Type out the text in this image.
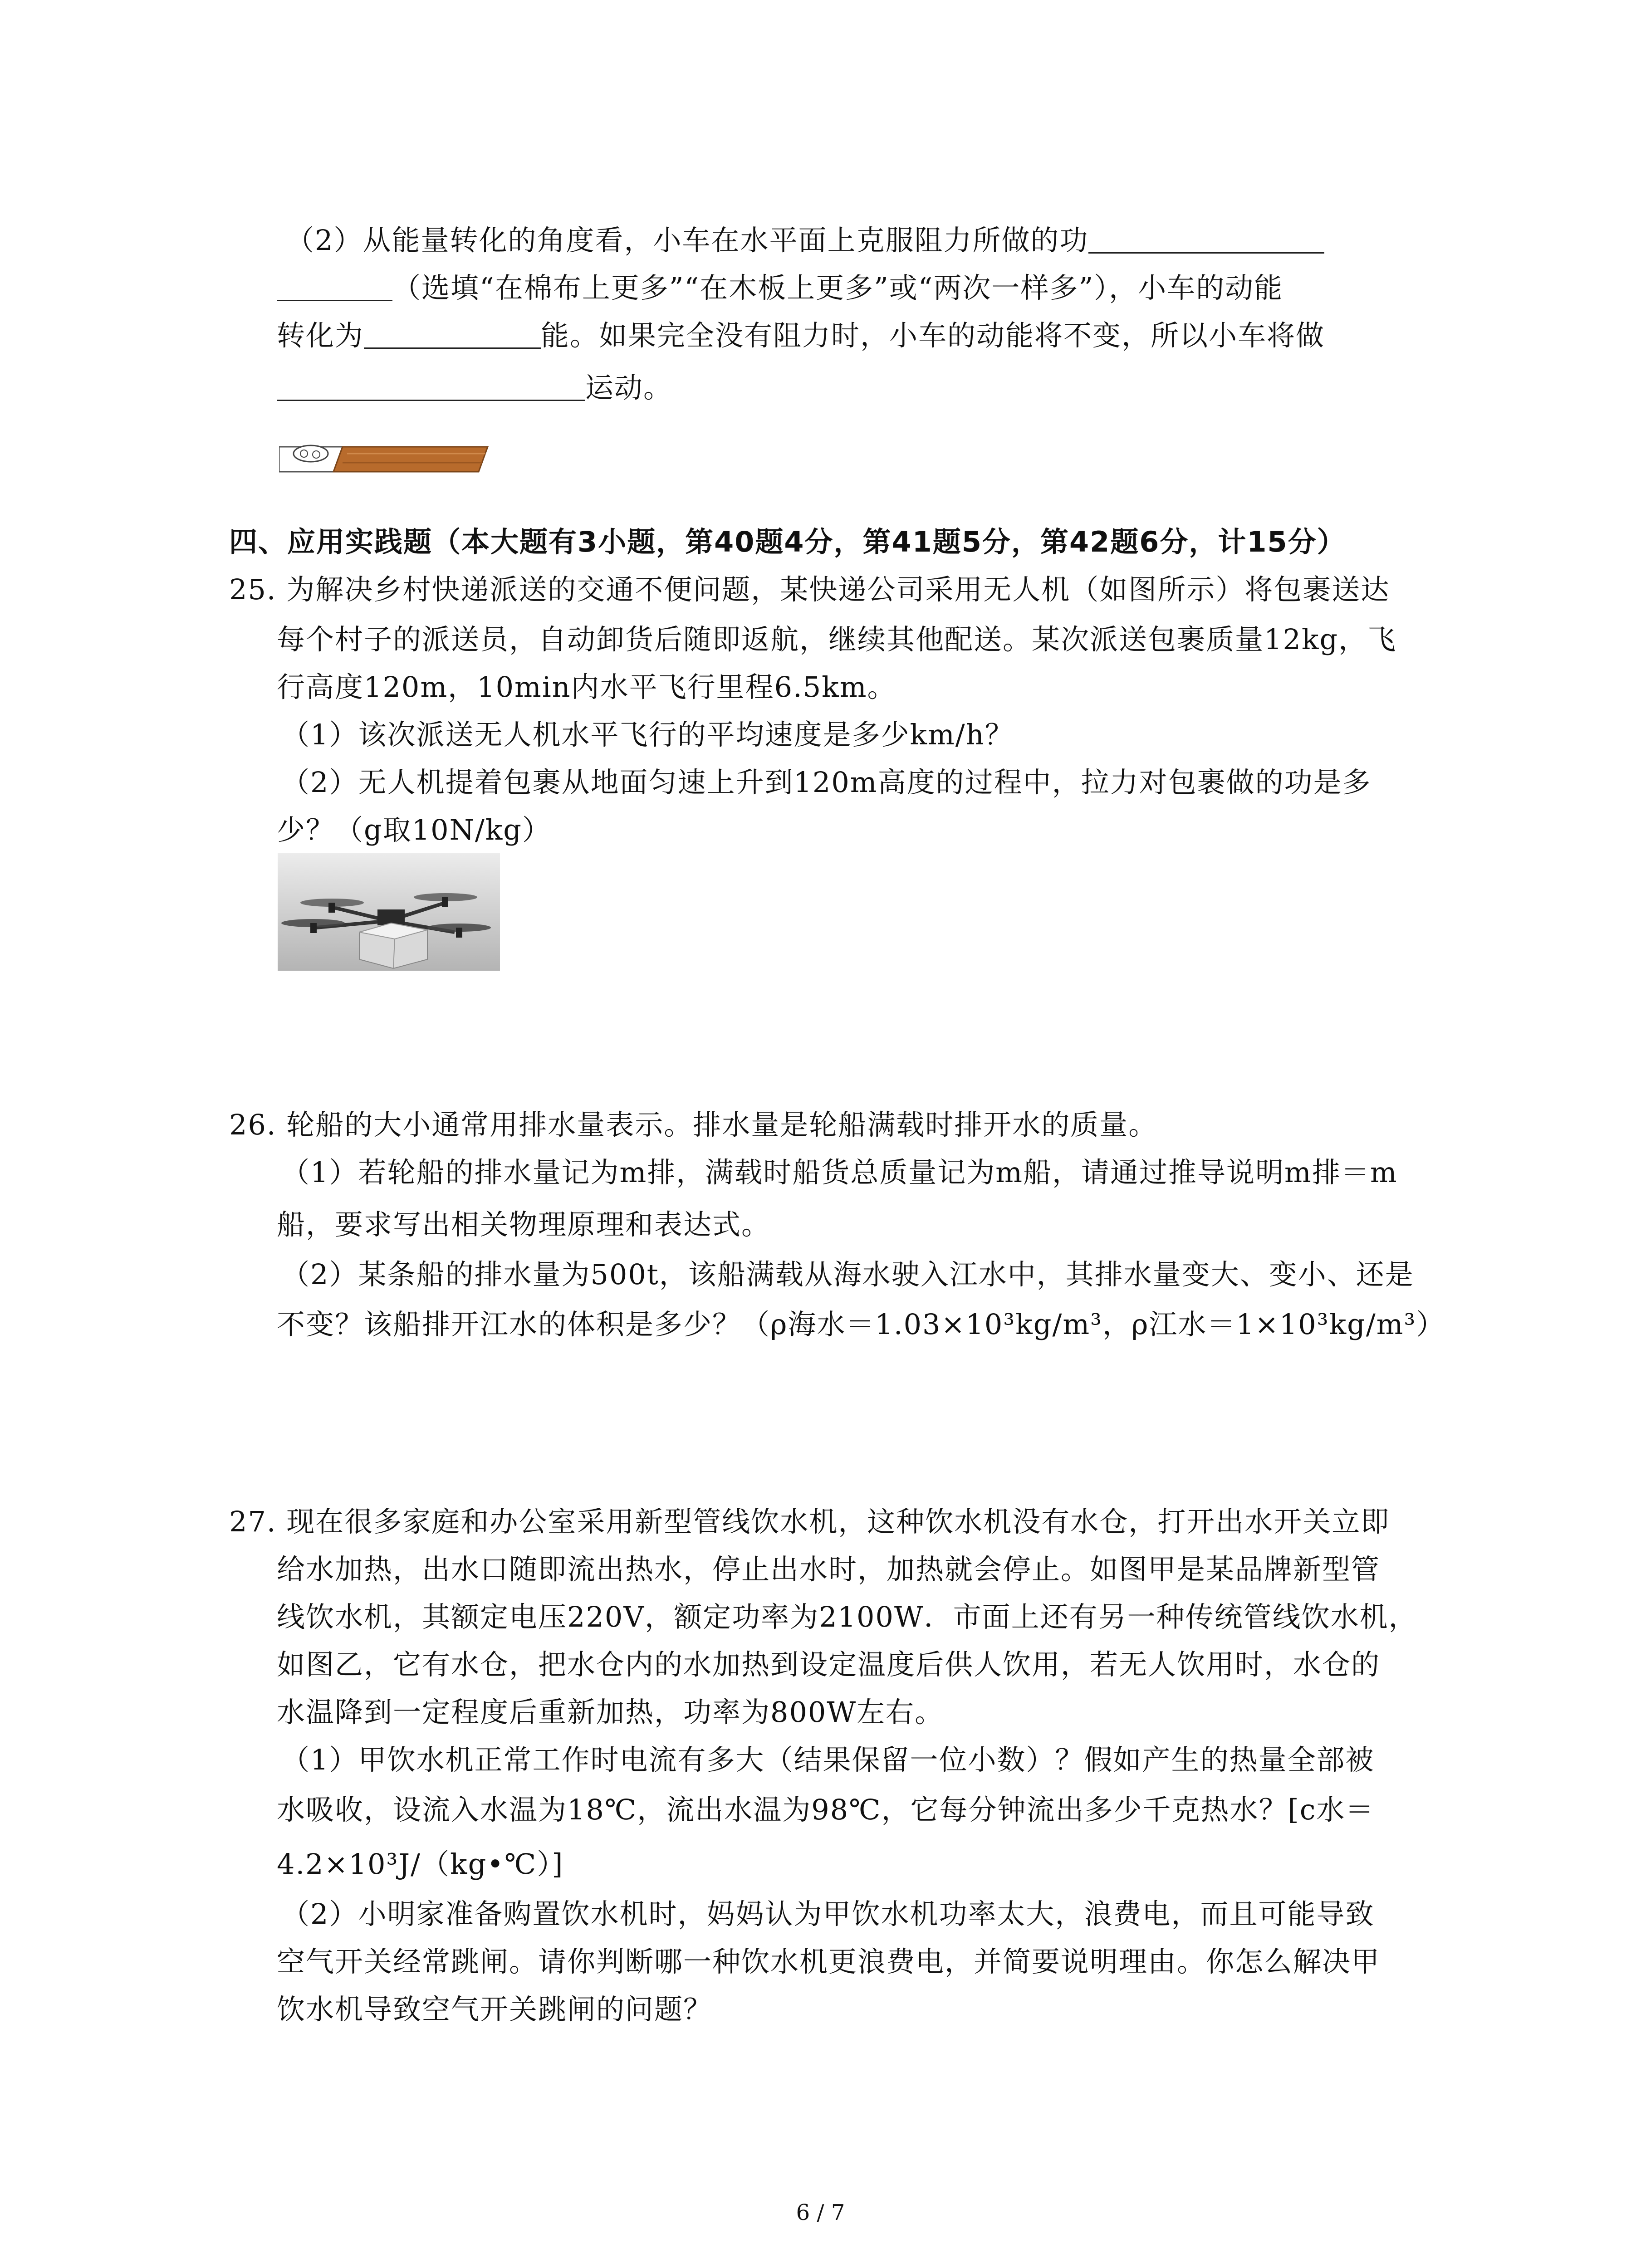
（2）从能量转化的角度看，小车在水平面上克服阻力所做的功
（选填“在棉布上更多”“在木板上更多”或“两次一样多”），小车的动能
转化为	能。如果完全没有阻力时，小车的动能将不变，所以小车将做
运动。
四、应用实践题（本大题有3小题，第40题4分，第41题5分，第42题6分，计15分）
25. 为解决乡村快递派送的交通不便问题，某快递公司采用无人机（如图所示）将包裹送达
每个村子的派送员，自动卸货后随即返航，继续其他配送。某次派送包裹质量12kg，飞
行高度120m，10min内水平飞行里程6.5km。
（1）该次派送无人机水平飞行的平均速度是多少km/h？
（2）无人机提着包裹从地面匀速上升到120m高度的过程中，拉力对包裹做的功是多
少？（g取10N/kg）
26. 轮船的大小通常用排水量表示。排水量是轮船满载时排开水的质量。
（1）若轮船的排水量记为m排，满载时船货总质量记为m船，请通过推导说明m排＝m
船，要求写出相关物理原理和表达式。
（2）某条船的排水量为500t，该船满载从海水驶入江水中，其排水量变大、变小、还是
不变？该船排开江水的体积是多少？（ρ海水＝1.03×10³kg/m³，ρ江水＝1×10³kg/m³）
27. 现在很多家庭和办公室采用新型管线饮水机，这种饮水机没有水仓，打开出水开关立即
给水加热，出水口随即流出热水，停止出水时，加热就会停止。如图甲是某品牌新型管
线饮水机，其额定电压220V，额定功率为2100W．市面上还有另一种传统管线饮水机，
如图乙，它有水仓，把水仓内的水加热到设定温度后供人饮用，若无人饮用时，水仓的
水温降到一定程度后重新加热，功率为800W左右。
（1）甲饮水机正常工作时电流有多大（结果保留一位小数）？假如产生的热量全部被
水吸收，设流入水温为18℃，流出水温为98℃，它每分钟流出多少千克热水？[c水＝
4.2×10³J/（kg•℃）]
（2）小明家准备购置饮水机时，妈妈认为甲饮水机功率太大，浪费电，而且可能导致
空气开关经常跳闸。请你判断哪一种饮水机更浪费电，并简要说明理由。你怎么解决甲
饮水机导致空气开关跳闸的问题？
6 / 7
